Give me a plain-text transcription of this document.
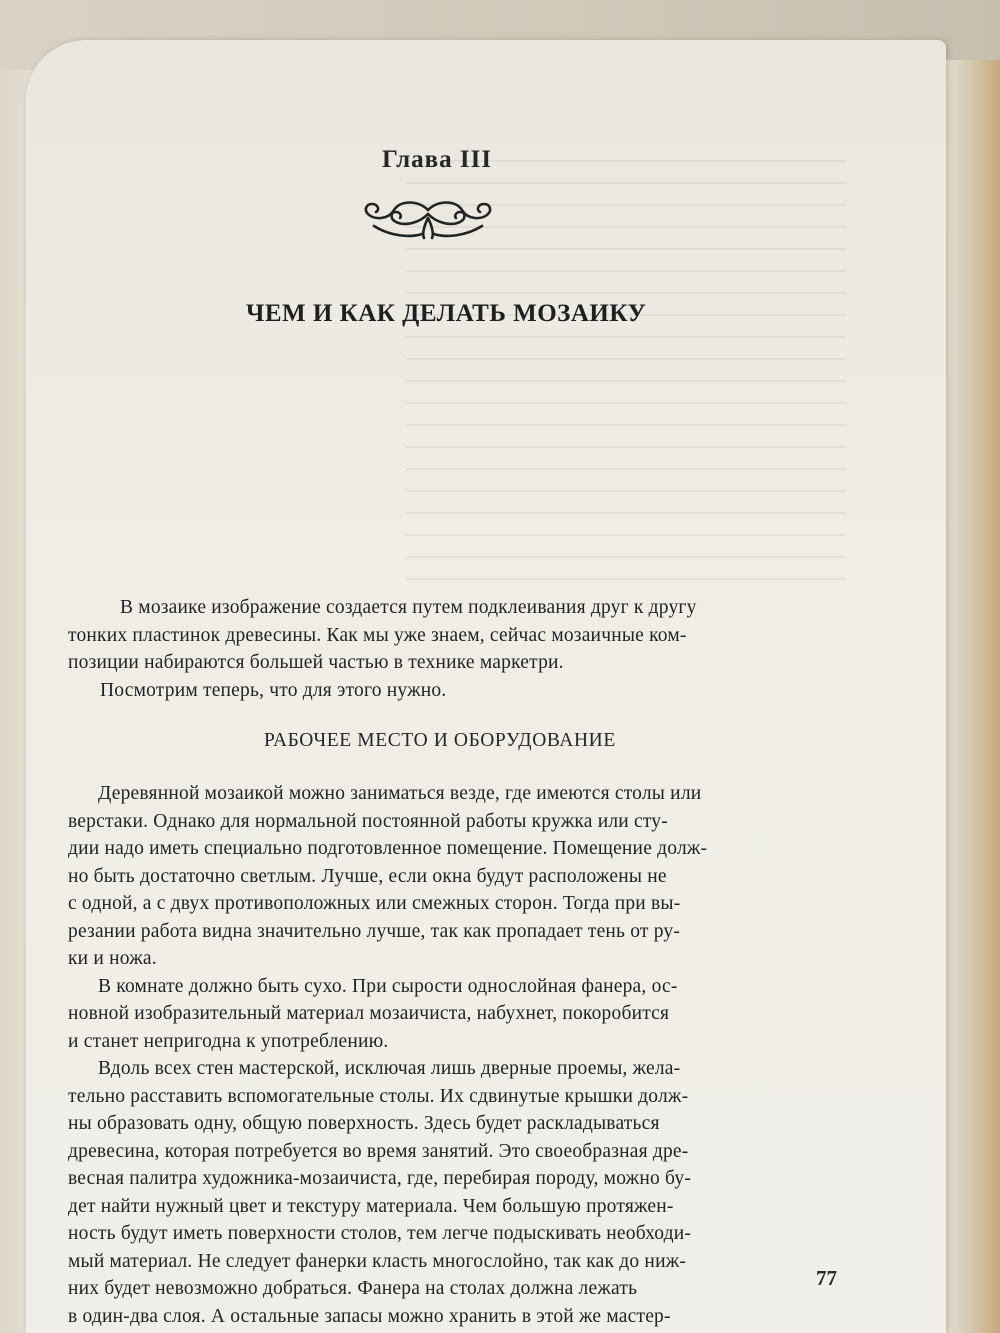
Глава III
ЧЕМ И КАК ДЕЛАТЬ МОЗАИКУ
В мозаике изображение создается путем подклеивания друг к другу
тонких пластинок древесины. Как мы уже знаем, сейчас мозаичные ком-
позиции набираются большей частью в технике маркетри.
Посмотрим теперь, что для этого нужно.
РАБОЧЕЕ МЕСТО И ОБОРУДОВАНИЕ
Деревянной мозаикой можно заниматься везде, где имеются столы или
верстаки. Однако для нормальной постоянной работы кружка или сту-
дии надо иметь специально подготовленное помещение. Помещение долж-
но быть достаточно светлым. Лучше, если окна будут расположены не
с одной, а с двух противоположных или смежных сторон. Тогда при вы-
резании работа видна значительно лучше, так как пропадает тень от ру-
ки и ножа.
В комнате должно быть сухо. При сырости однослойная фанера, ос-
новной изобразительный материал мозаичиста, набухнет, покоробится
и станет непригодна к употреблению.
Вдоль всех стен мастерской, исключая лишь дверные проемы, жела-
тельно расставить вспомогательные столы. Их сдвинутые крышки долж-
ны образовать одну, общую поверхность. Здесь будет раскладываться
древесина, которая потребуется во время занятий. Это своеобразная дре-
весная палитра художника-мозаичиста, где, перебирая породу, можно бу-
дет найти нужный цвет и текстуру материала. Чем большую протяжен-
ность будут иметь поверхности столов, тем легче подыскивать необходи-
мый материал. Не следует фанерки класть многослойно, так как до ниж-
них будет невозможно добраться. Фанера на столах должна лежать
в один-два слоя. А остальные запасы можно хранить в этой же мастер-
77
